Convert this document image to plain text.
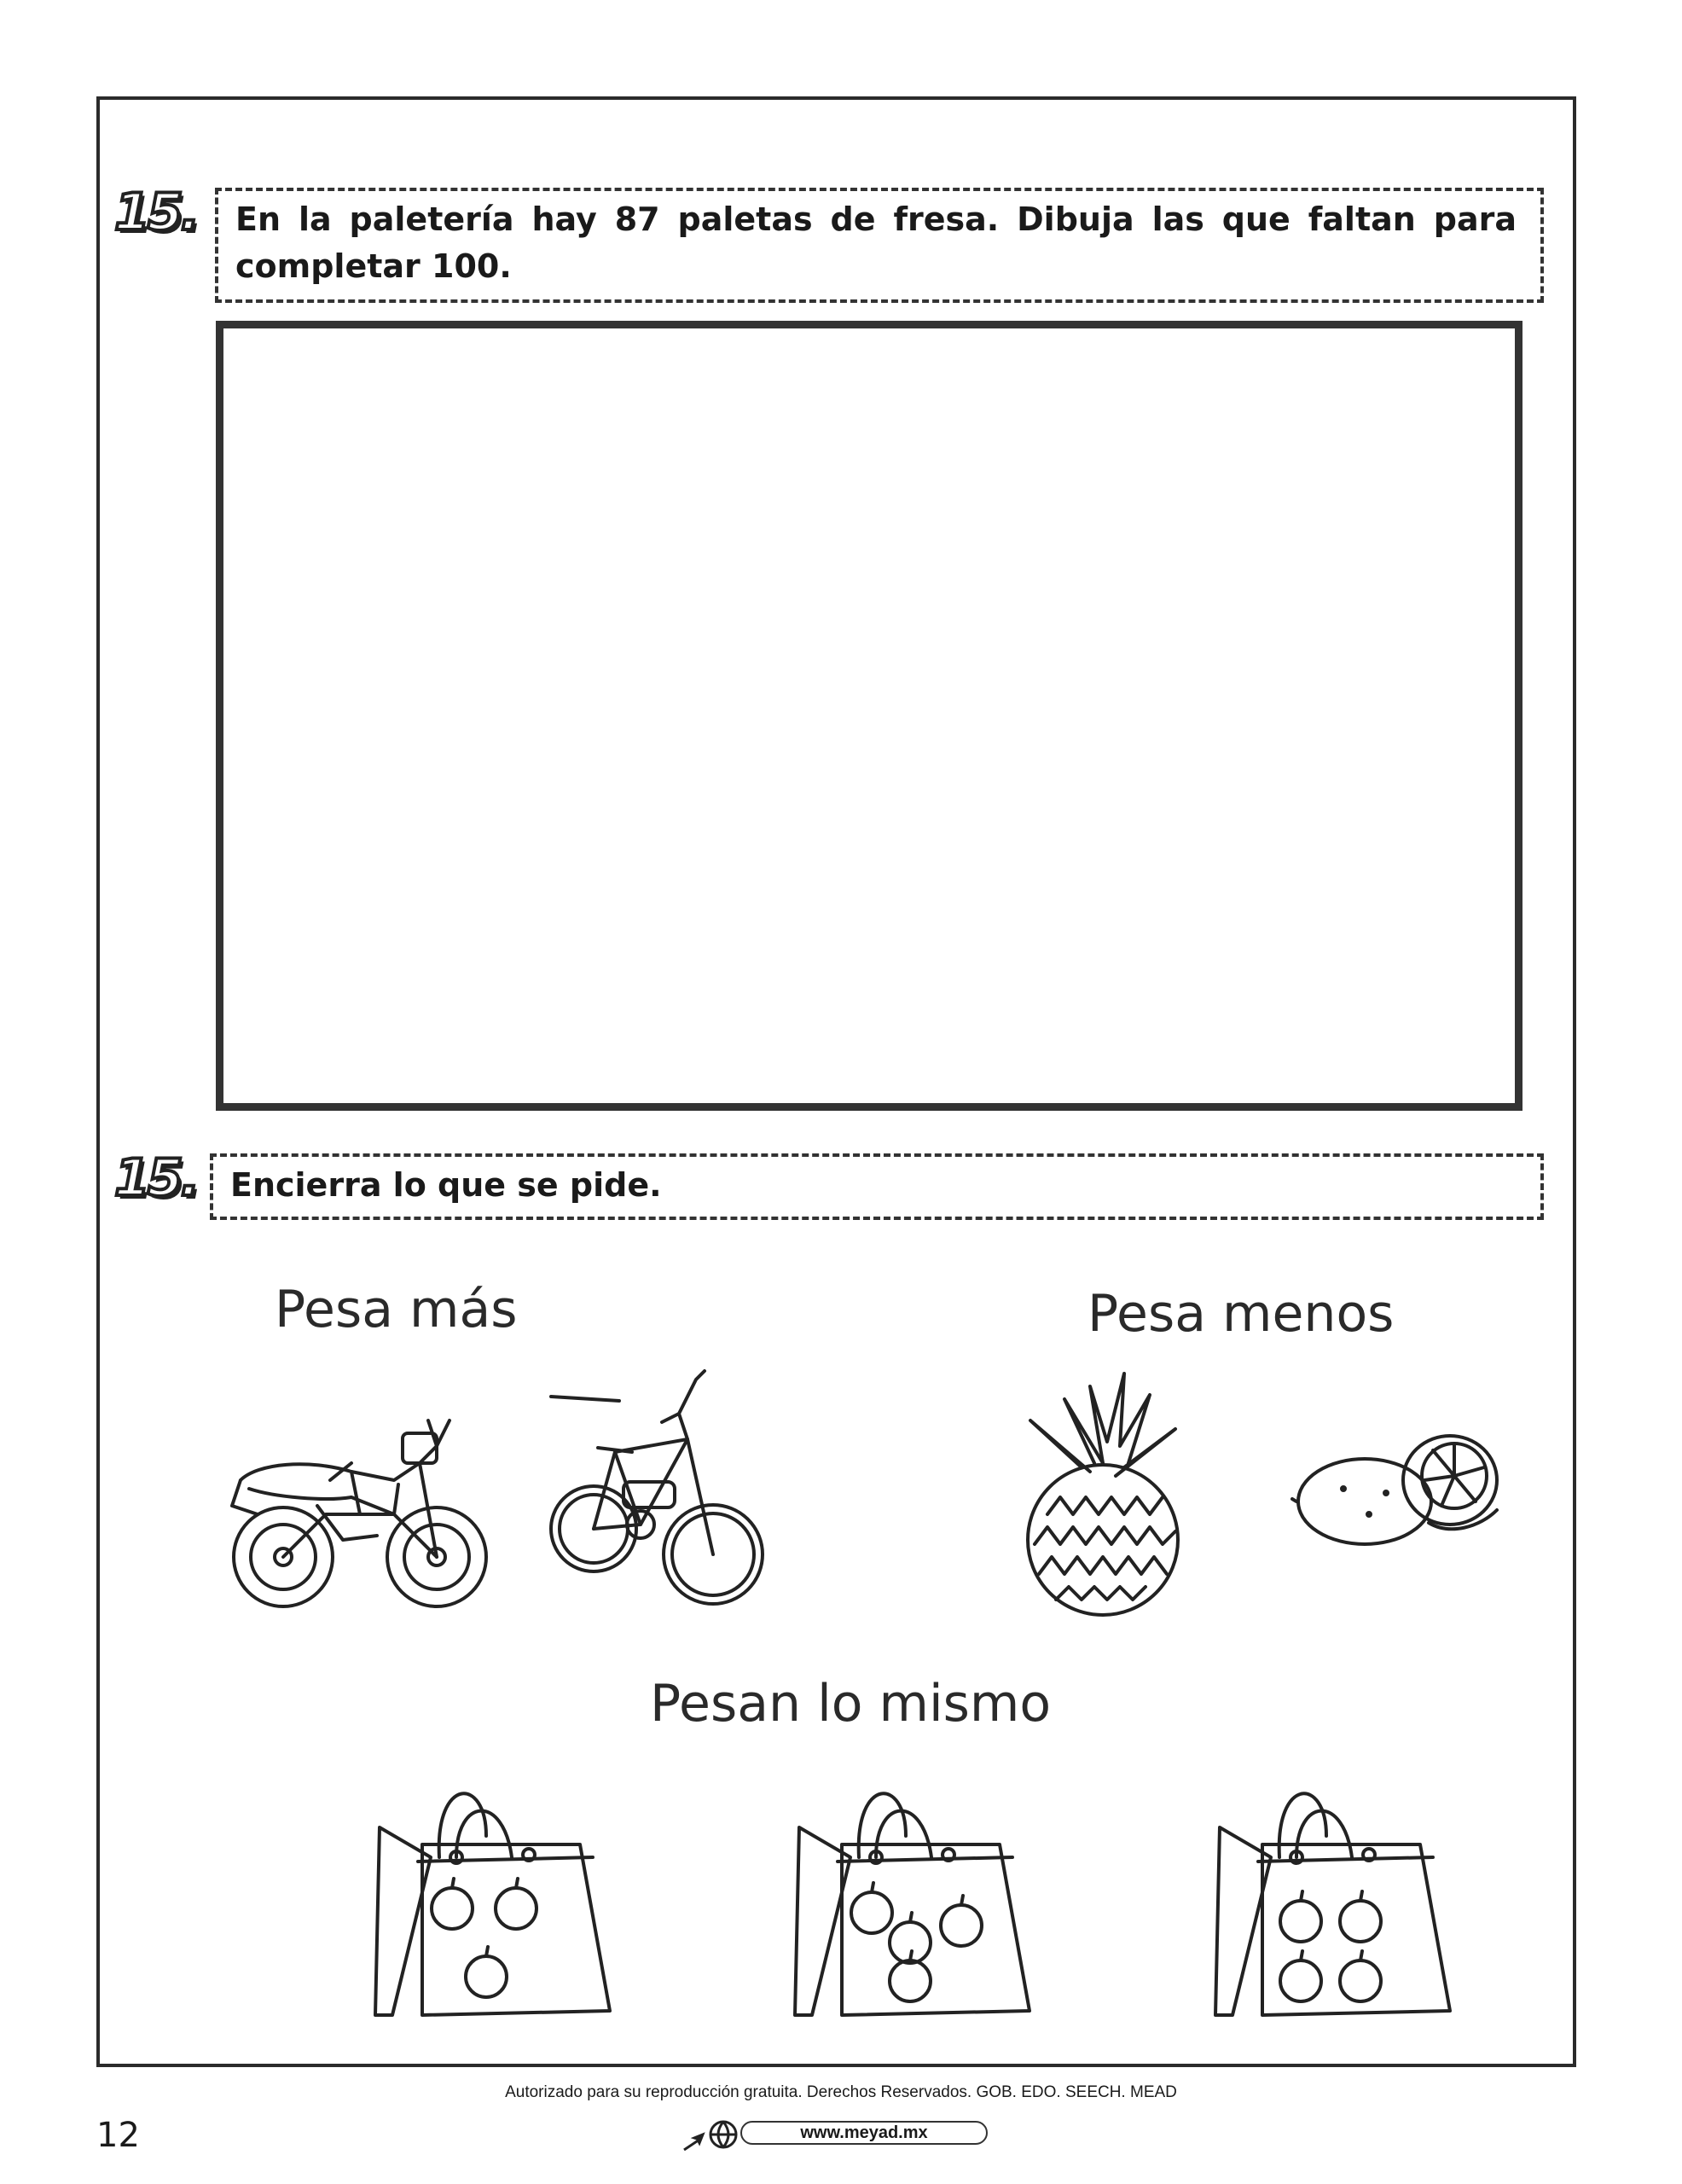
15.	En la paletería hay 87 paletas de fresa. Dibuja las que faltan para completar 100.
15.	Encierra lo que se pide.
Pesa más	Pesa menos
Pesan lo mismo
12
Autorizado para su reproducción gratuita. Derechos Reservados. GOB. EDO. SEECH. MEAD
www.meyad.mx
